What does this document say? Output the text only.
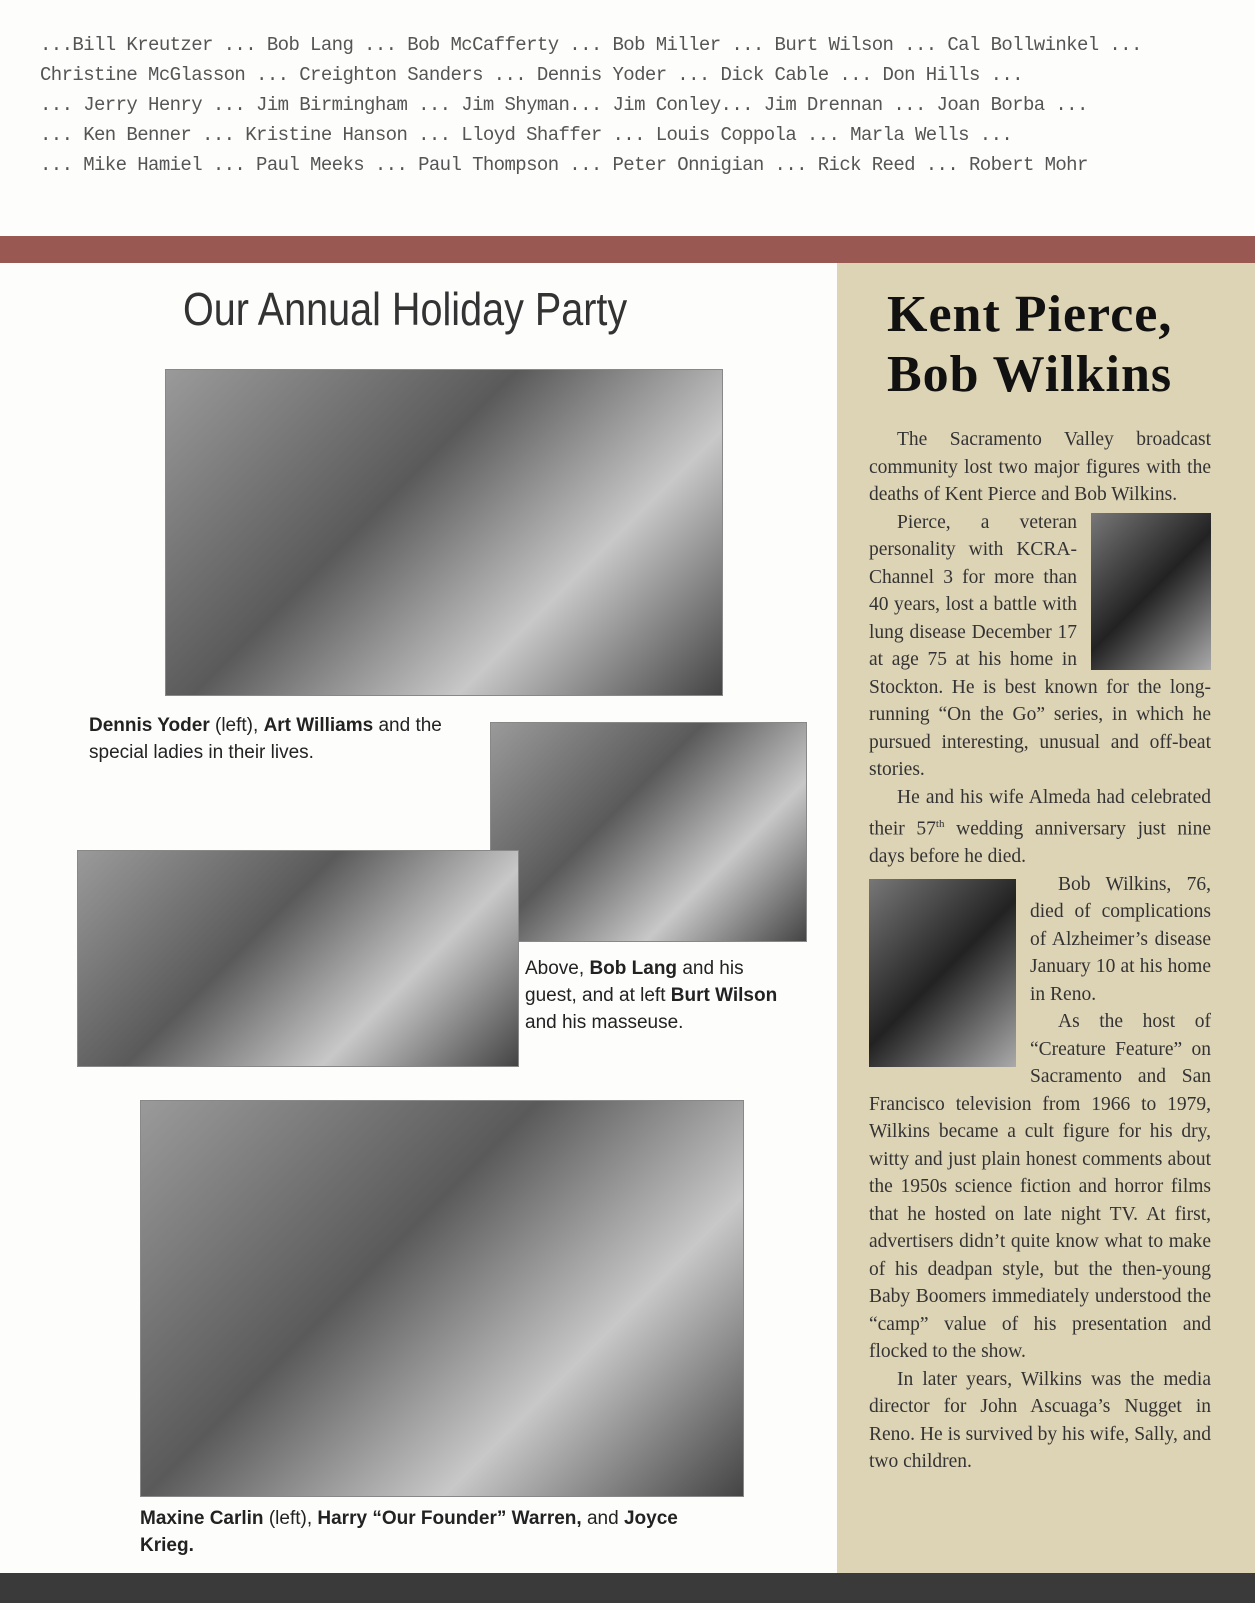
...Bill Kreutzer ... Bob Lang ... Bob McCafferty ... Bob Miller ... Burt Wilson ... Cal Bollwinkel ...
Christine McGlasson ... Creighton Sanders ... Dennis Yoder ... Dick Cable ... Don Hills ...
... Jerry Henry ... Jim Birmingham ... Jim Shyman... Jim Conley... Jim Drennan ... Joan Borba ...
... Ken Benner ... Kristine Hanson ... Lloyd Shaffer ... Louis Coppola ... Marla Wells ...
... Mike Hamiel ... Paul Meeks ... Paul Thompson ... Peter Onnigian ... Rick Reed ... Robert Mohr
Our Annual Holiday Party
Dennis Yoder (left), Art Williams and the special ladies in their lives.
Above, Bob Lang and his guest, and at left Burt Wilson and his masseuse.
Maxine Carlin (left), Harry “Our Founder” Warren, and Joyce Krieg.
Kent Pierce,
Bob Wilkins

The Sacramento Valley broadcast community lost two major figures with the deaths of Kent Pierce and Bob Wilkins.

Pierce, a veteran personality with KCRA-Channel 3 for more than 40 years, lost a battle with lung disease December 17 at age 75 at his home in Stockton. He is best known for the long-running “On the Go” series, in which he pursued interesting, unusual and off-beat stories.

He and his wife Almeda had celebrated their 57th wedding anniversary just nine days before he died.

Bob Wilkins, 76, died of complications of Alzheimer’s disease January 10 at his home in Reno.

As the host of “Creature Feature” on Sacramento and San Francisco television from 1966 to 1979, Wilkins became a cult figure for his dry, witty and just plain honest comments about the 1950s science fiction and horror films that he hosted on late night TV. At first, advertisers didn’t quite know what to make of his deadpan style, but the then-young Baby Boomers immediately understood the “camp” value of his presentation and flocked to the show.

In later years, Wilkins was the media director for John Ascuaga’s Nugget in Reno. He is survived by his wife, Sally, and two children.
